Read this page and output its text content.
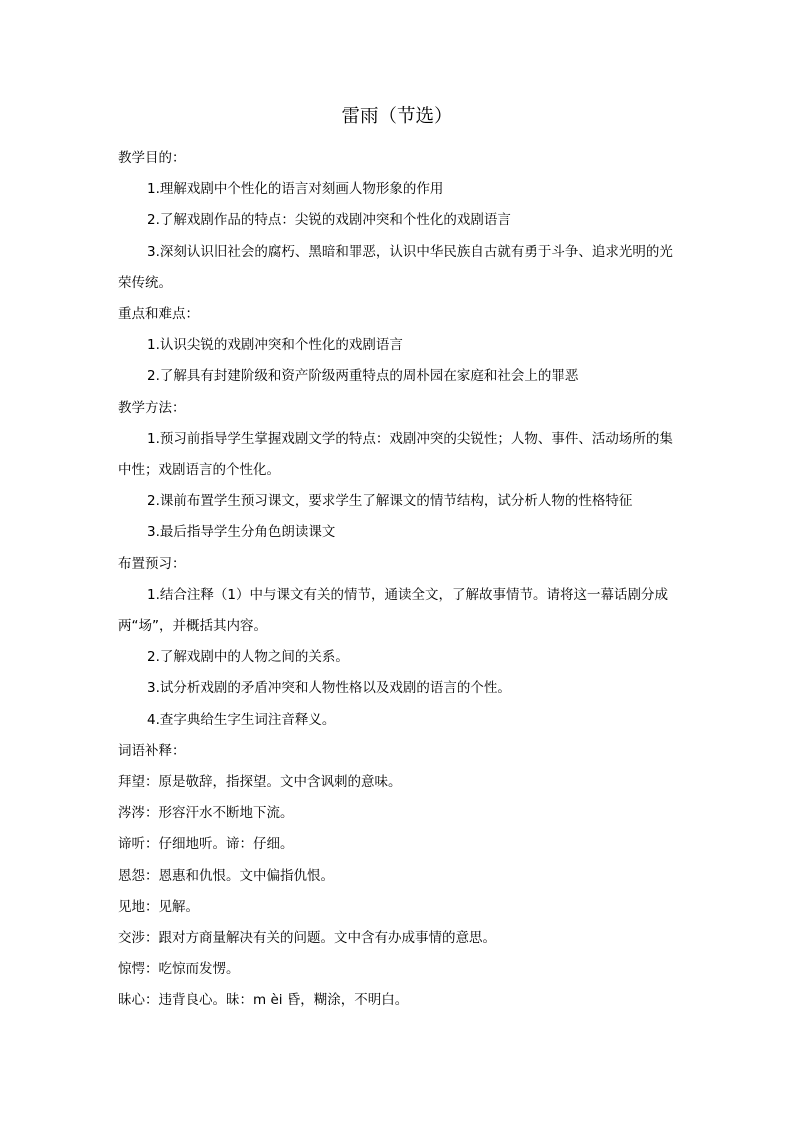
雷雨（节选）

教学目的：

1.理解戏剧中个性化的语言对刻画人物形象的作用

2.了解戏剧作品的特点：尖锐的戏剧冲突和个性化的戏剧语言

3.深刻认识旧社会的腐朽、黑暗和罪恶，认识中华民族自古就有勇于斗争、追求光明的光荣传统。

重点和难点：

1.认识尖锐的戏剧冲突和个性化的戏剧语言

2.了解具有封建阶级和资产阶级两重特点的周朴园在家庭和社会上的罪恶

教学方法：

1.预习前指导学生掌握戏剧文学的特点：戏剧冲突的尖锐性；人物、事件、活动场所的集中性；戏剧语言的个性化。

2.课前布置学生预习课文，要求学生了解课文的情节结构，试分析人物的性格特征

3.最后指导学生分角色朗读课文

布置预习：

1.结合注释（1）中与课文有关的情节，通读全文，了解故事情节。请将这一幕话剧分成两“场”，并概括其内容。

2.了解戏剧中的人物之间的关系。

3.试分析戏剧的矛盾冲突和人物性格以及戏剧的语言的个性。

4.查字典给生字生词注音释义。

词语补释：

拜望：原是敬辞，指探望。文中含讽刺的意味。

涔涔：形容汗水不断地下流。

谛听：仔细地听。谛：仔细。

恩怨：恩惠和仇恨。文中偏指仇恨。

见地：见解。

交涉：跟对方商量解决有关的问题。文中含有办成事情的意思。

惊愕：吃惊而发愣。

昧心：违背良心。昧：m èi 昏，糊涂，不明白。
